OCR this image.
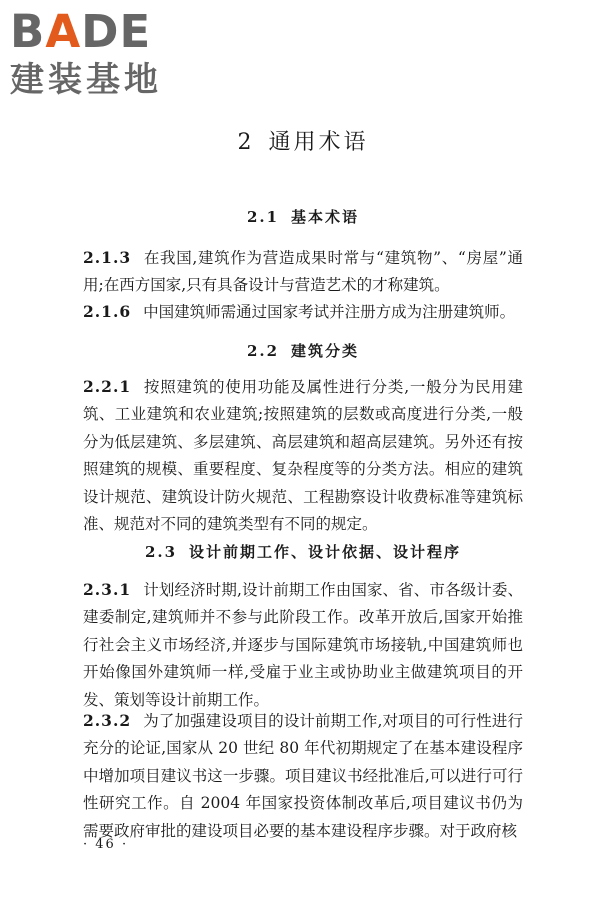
BADE
建装基地
2 通用术语
2.1 基本术语
2.1.3 在我国,建筑作为营造成果时常与“建筑物”、“房屋”通用;在西方国家,只有具备设计与营造艺术的才称建筑。
2.1.6 中国建筑师需通过国家考试并注册方成为注册建筑师。
2.2 建筑分类
2.2.1 按照建筑的使用功能及属性进行分类,一般分为民用建筑、工业建筑和农业建筑;按照建筑的层数或高度进行分类,一般分为低层建筑、多层建筑、高层建筑和超高层建筑。另外还有按照建筑的规模、重要程度、复杂程度等的分类方法。相应的建筑设计规范、建筑设计防火规范、工程勘察设计收费标准等建筑标准、规范对不同的建筑类型有不同的规定。
2.3 设计前期工作、设计依据、设计程序
2.3.1 计划经济时期,设计前期工作由国家、省、市各级计委、建委制定,建筑师并不参与此阶段工作。改革开放后,国家开始推行社会主义市场经济,并逐步与国际建筑市场接轨,中国建筑师也开始像国外建筑师一样,受雇于业主或协助业主做建筑项目的开发、策划等设计前期工作。
2.3.2 为了加强建设项目的设计前期工作,对项目的可行性进行充分的论证,国家从 20 世纪 80 年代初期规定了在基本建设程序中增加项目建议书这一步骤。项目建议书经批准后,可以进行可行性研究工作。自 2004 年国家投资体制改革后,项目建议书仍为需要政府审批的建设项目必要的基本建设程序步骤。对于政府核
· 46 ·
